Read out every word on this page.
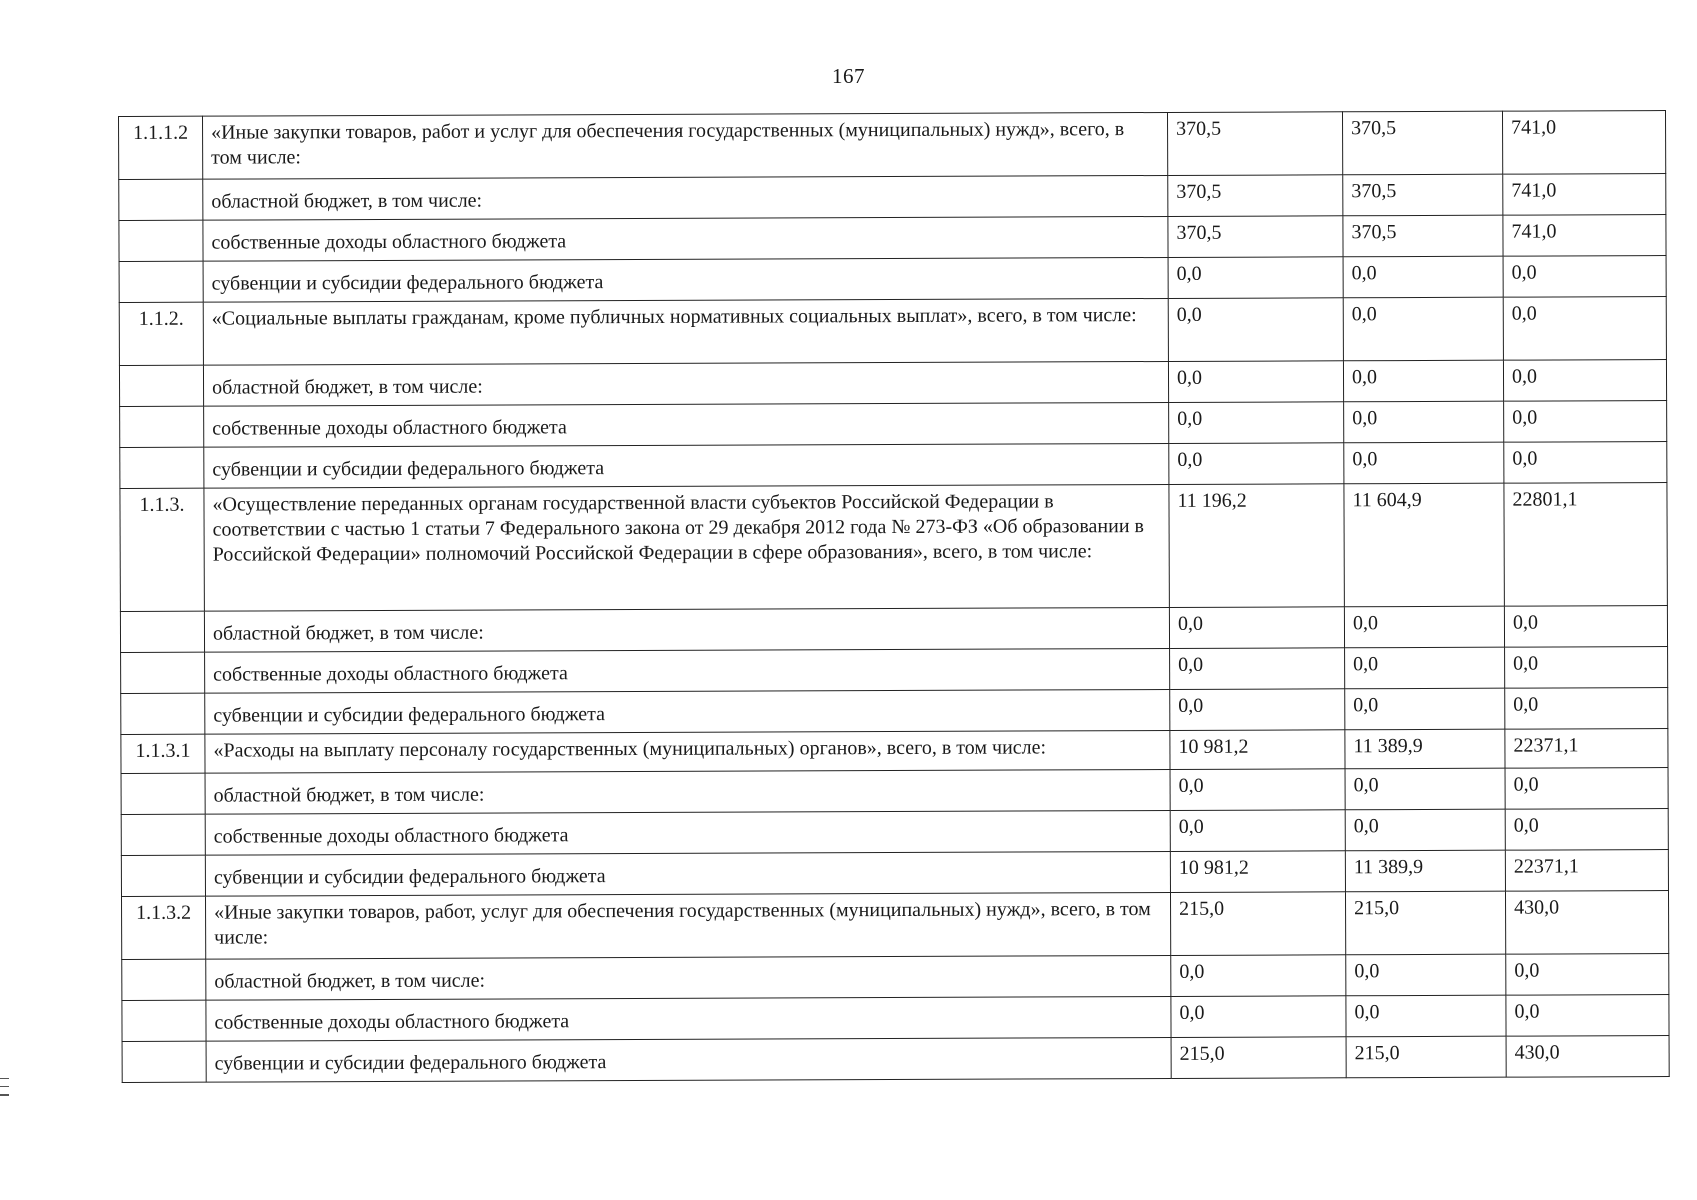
167
1.1.1.2	«Иные закупки товаров, работ и услуг для обеспечения государственных (муниципальных) нужд», всего, в том числе:	370,5	370,5	741,0
	областной бюджет, в том числе:	370,5	370,5	741,0
	собственные доходы областного бюджета	370,5	370,5	741,0
	субвенции и субсидии федерального бюджета	0,0	0,0	0,0
1.1.2.	«Социальные выплаты гражданам, кроме публичных нормативных социальных выплат», всего, в том числе:	0,0	0,0	0,0
	областной бюджет, в том числе:	0,0	0,0	0,0
	собственные доходы областного бюджета	0,0	0,0	0,0
	субвенции и субсидии федерального бюджета	0,0	0,0	0,0
1.1.3.	«Осуществление переданных органам государственной власти субъектов Российской Федерации в соответствии с частью 1 статьи 7 Федерального закона от 29 декабря 2012 года № 273-ФЗ «Об образовании в Российской Федерации» полномочий Российской Федерации в сфере образования», всего, в том числе:	11 196,2	11 604,9	22801,1
	областной бюджет, в том числе:	0,0	0,0	0,0
	собственные доходы областного бюджета	0,0	0,0	0,0
	субвенции и субсидии федерального бюджета	0,0	0,0	0,0
1.1.3.1	«Расходы на выплату персоналу государственных (муниципальных) органов», всего, в том числе:	10 981,2	11 389,9	22371,1
	областной бюджет, в том числе:	0,0	0,0	0,0
	собственные доходы областного бюджета	0,0	0,0	0,0
	субвенции и субсидии федерального бюджета	10 981,2	11 389,9	22371,1
1.1.3.2	«Иные закупки товаров, работ, услуг для обеспечения государственных (муниципальных) нужд», всего, в том числе:	215,0	215,0	430,0
	областной бюджет, в том числе:	0,0	0,0	0,0
	собственные доходы областного бюджета	0,0	0,0	0,0
	субвенции и субсидии федерального бюджета	215,0	215,0	430,0
